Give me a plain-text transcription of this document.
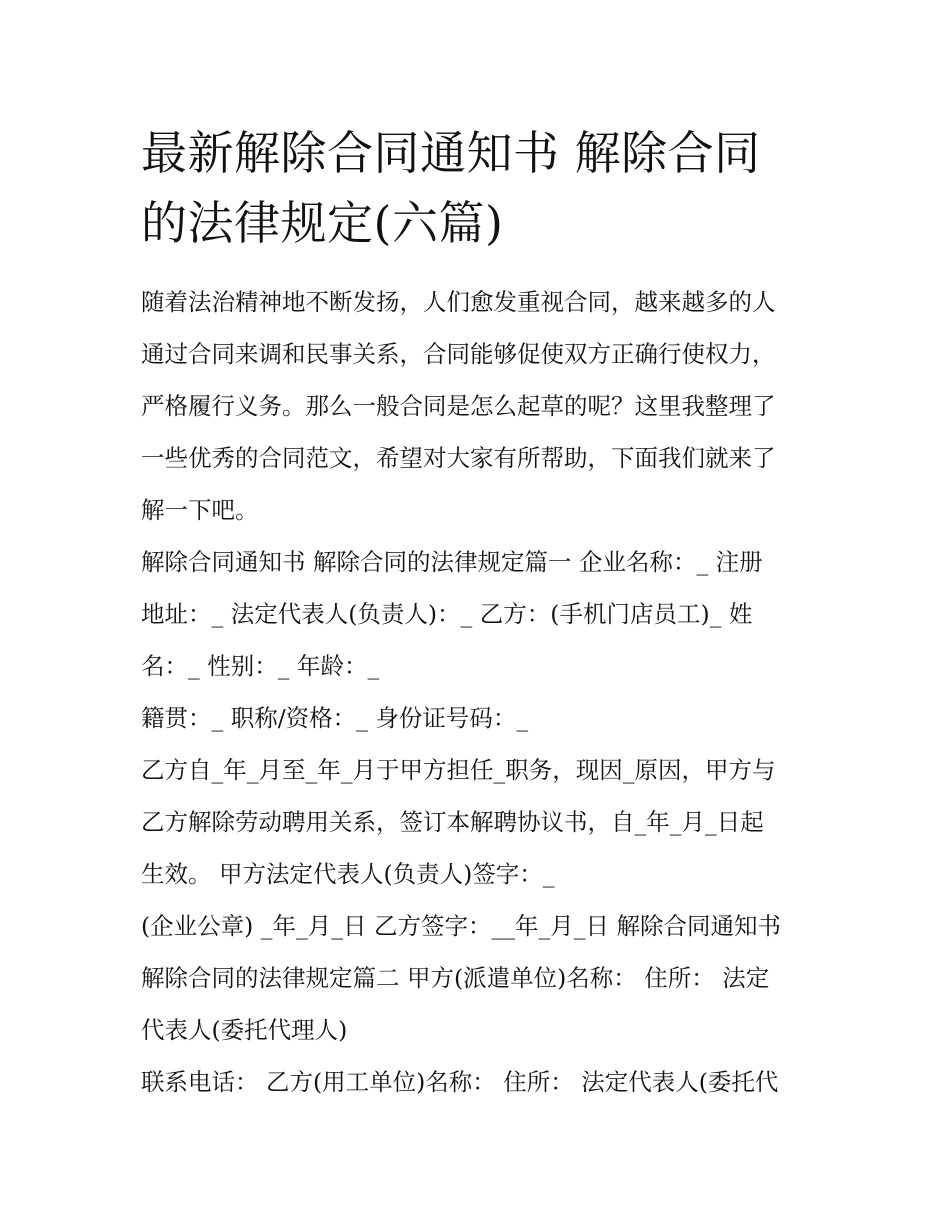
最新解除合同通知书 解除合同
的法律规定(六篇)

随着法治精神地不断发扬，人们愈发重视合同，越来越多的人

通过合同来调和民事关系，合同能够促使双方正确行使权力，

严格履行义务。那么一般合同是怎么起草的呢？这里我整理了

一些优秀的合同范文，希望对大家有所帮助，下面我们就来了

解一下吧。

解除合同通知书 解除合同的法律规定篇一 企业名称：_ 注册

地址：_ 法定代表人(负责人)：_ 乙方：(手机门店员工)_ 姓

名：_ 性别：_ 年龄：_

籍贯：_ 职称/资格：_ 身份证号码：_

乙方自_年_月至_年_月于甲方担任_职务，现因_原因，甲方与

乙方解除劳动聘用关系，签订本解聘协议书，自_年_月_日起

生效。 甲方法定代表人(负责人)签字：_

(企业公章) _年_月_日 乙方签字：__年_月_日 解除合同通知书

解除合同的法律规定篇二 甲方(派遣单位)名称： 住所： 法定

代表人(委托代理人)

联系电话： 乙方(用工单位)名称： 住所： 法定代表人(委托代
